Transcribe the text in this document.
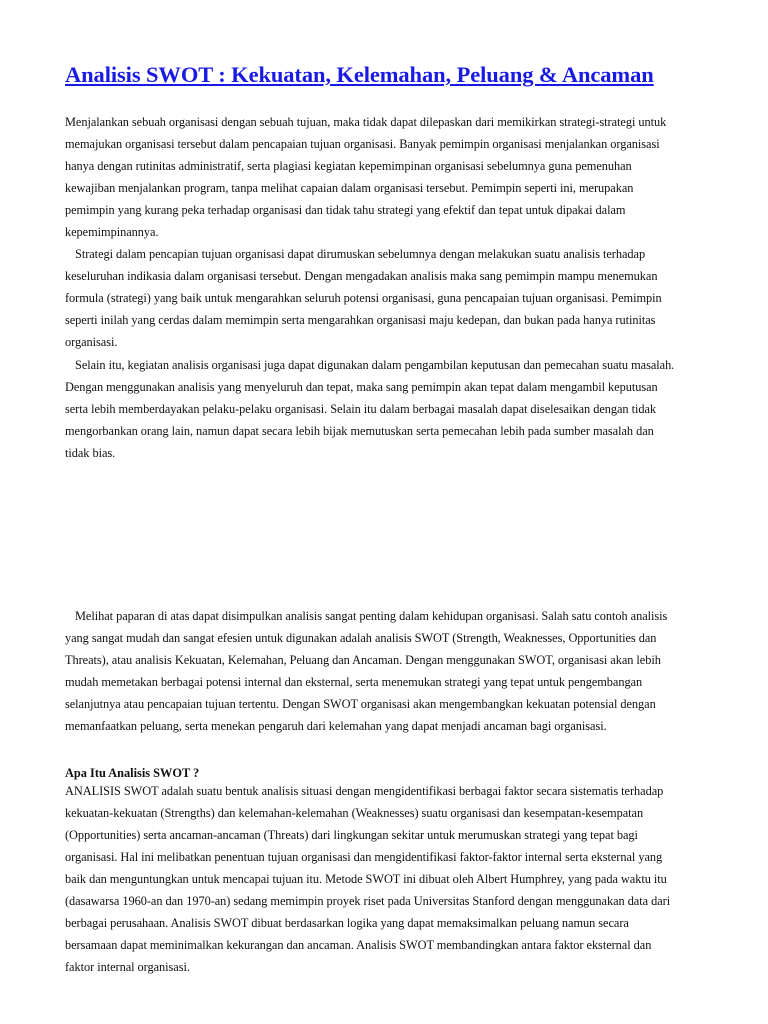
Analisis SWOT : Kekuatan, Kelemahan, Peluang & Ancaman
Menjalankan sebuah organisasi dengan sebuah tujuan, maka tidak dapat dilepaskan dari memikirkan strategi-strategi untuk
memajukan organisasi tersebut dalam pencapaian tujuan organisasi. Banyak pemimpin organisasi menjalankan organisasi
hanya dengan rutinitas administratif, serta plagiasi kegiatan kepemimpinan organisasi sebelumnya guna pemenuhan
kewajiban menjalankan program, tanpa melihat capaian dalam organisasi tersebut. Pemimpin seperti ini, merupakan
pemimpin yang kurang peka terhadap organisasi dan tidak tahu strategi yang efektif dan tepat untuk dipakai dalam
kepemimpinannya.
Strategi dalam pencapian tujuan organisasi dapat dirumuskan sebelumnya dengan melakukan suatu analisis terhadap
keseluruhan indikasia dalam organisasi tersebut. Dengan mengadakan analisis maka sang pemimpin mampu menemukan
formula (strategi) yang baik untuk mengarahkan seluruh potensi organisasi, guna pencapaian tujuan organisasi. Pemimpin
seperti inilah yang cerdas dalam memimpin serta mengarahkan organisasi maju kedepan, dan bukan pada hanya rutinitas
organisasi.
Selain itu, kegiatan analisis organisasi juga dapat digunakan dalam pengambilan keputusan dan pemecahan suatu masalah.
Dengan menggunakan analisis yang menyeluruh dan tepat, maka sang pemimpin akan tepat dalam mengambil keputusan
serta lebih memberdayakan pelaku-pelaku organisasi. Selain itu dalam berbagai masalah dapat diselesaikan dengan tidak
mengorbankan orang lain, namun dapat secara lebih bijak memutuskan serta pemecahan lebih pada sumber masalah dan
tidak bias.
Melihat paparan di atas dapat disimpulkan analisis sangat penting dalam kehidupan organisasi. Salah satu contoh analisis
yang sangat mudah dan sangat efesien untuk digunakan adalah analisis SWOT (Strength, Weaknesses, Opportunities dan
Threats), atau analisis Kekuatan, Kelemahan, Peluang dan Ancaman. Dengan menggunakan SWOT, organisasi akan lebih
mudah memetakan berbagai potensi internal dan eksternal, serta menemukan strategi yang tepat untuk pengembangan
selanjutnya atau pencapaian tujuan tertentu. Dengan SWOT organisasi akan mengembangkan kekuatan potensial dengan
memanfaatkan peluang, serta menekan pengaruh dari kelemahan yang dapat menjadi ancaman bagi organisasi.
Apa Itu Analisis SWOT ?
ANALISIS SWOT adalah suatu bentuk analisis situasi dengan mengidentifikasi berbagai faktor secara sistematis terhadap
kekuatan-kekuatan (Strengths) dan kelemahan-kelemahan (Weaknesses) suatu organisasi dan kesempatan-kesempatan
(Opportunities) serta ancaman-ancaman (Threats) dari lingkungan sekitar untuk merumuskan strategi yang tepat bagi
organisasi. Hal ini melibatkan penentuan tujuan organisasi dan mengidentifikasi faktor-faktor internal serta eksternal yang
baik dan menguntungkan untuk mencapai tujuan itu. Metode SWOT ini dibuat oleh Albert Humphrey, yang pada waktu itu
(dasawarsa 1960-an dan 1970-an) sedang memimpin proyek riset pada Universitas Stanford dengan menggunakan data dari
berbagai perusahaan. Analisis SWOT dibuat berdasarkan logika yang dapat memaksimalkan peluang namun secara
bersamaan dapat meminimalkan kekurangan dan ancaman. Analisis SWOT membandingkan antara faktor eksternal dan
faktor internal organisasi.
